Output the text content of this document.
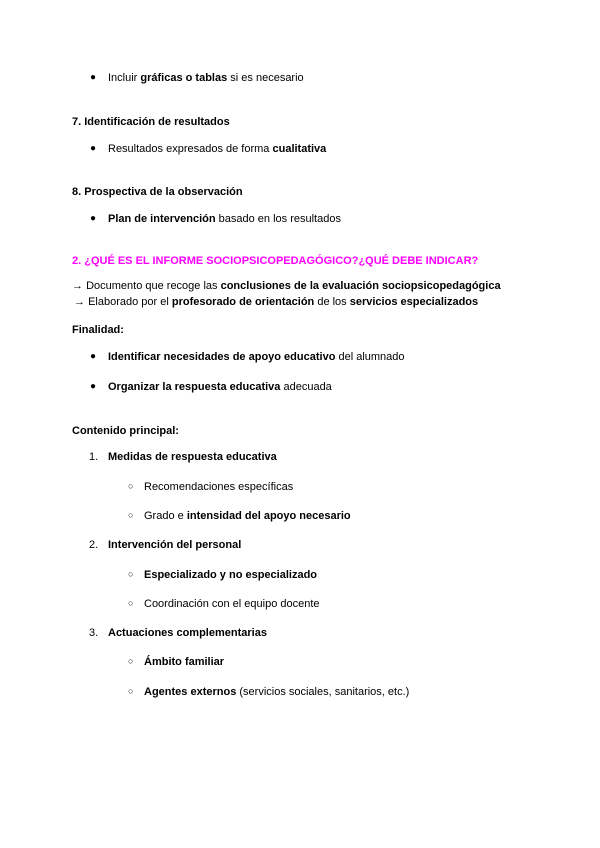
● Incluir gráficas o tablas si es necesario
7. Identificación de resultados
● Resultados expresados de forma cualitativa
8. Prospectiva de la observación
● Plan de intervención basado en los resultados
2. ¿QUÉ ES EL INFORME SOCIOPSICOPEDAGÓGICO?¿QUÉ DEBE INDICAR?
→ Documento que recoge las conclusiones de la evaluación sociopsicopedagógica
→ Elaborado por el profesorado de orientación de los servicios especializados
Finalidad:
● Identificar necesidades de apoyo educativo del alumnado
● Organizar la respuesta educativa adecuada
Contenido principal:
1. Medidas de respuesta educativa
○ Recomendaciones específicas
○ Grado e intensidad del apoyo necesario
2. Intervención del personal
○ Especializado y no especializado
○ Coordinación con el equipo docente
3. Actuaciones complementarias
○ Ámbito familiar
○ Agentes externos (servicios sociales, sanitarios, etc.)
